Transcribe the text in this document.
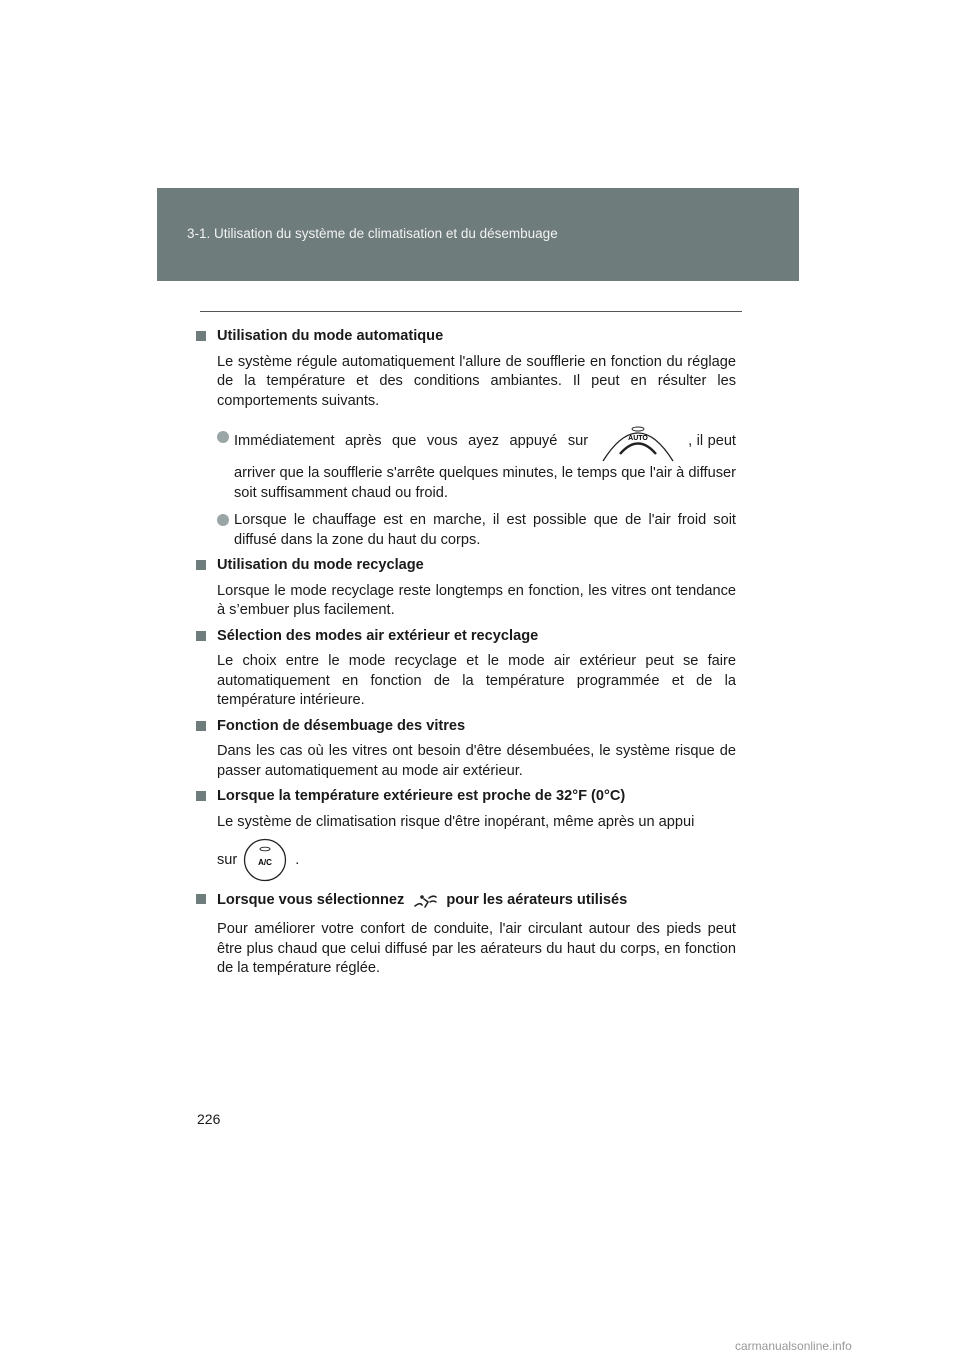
3-1. Utilisation du système de climatisation et du désembuage
Utilisation du mode automatique
Le système régule automatiquement l'allure de soufflerie en fonction du réglage de la température et des conditions ambiantes. Il peut en résulter les comportements suivants.
Immédiatement après que vous ayez appuyé sur	AUTO	, il peut arriver que la soufflerie s'arrête quelques minutes, le temps que l'air à diffuser soit suffisamment chaud ou froid.
Lorsque le chauffage est en marche, il est possible que de l'air froid soit diffusé dans la zone du haut du corps.
Utilisation du mode recyclage
Lorsque le mode recyclage reste longtemps en fonction, les vitres ont tendance à s’embuer plus facilement.
Sélection des modes air extérieur et recyclage
Le choix entre le mode recyclage et le mode air extérieur peut se faire automatiquement en fonction de la température programmée et de la température intérieure.
Fonction de désembuage des vitres
Dans les cas où les vitres ont besoin d'être désembuées, le système risque de passer automatiquement au mode air extérieur.
Lorsque la température extérieure est proche de 32°F (0°C)
Le système de climatisation risque d'être inopérant, même après un appui
sur	A/C .
Lorsque vous sélectionnez	pour les aérateurs utilisés
Pour améliorer votre confort de conduite, l'air circulant autour des pieds peut être plus chaud que celui diffusé par les aérateurs du haut du corps, en fonction de la température réglée.
226
carmanualsonline.info
